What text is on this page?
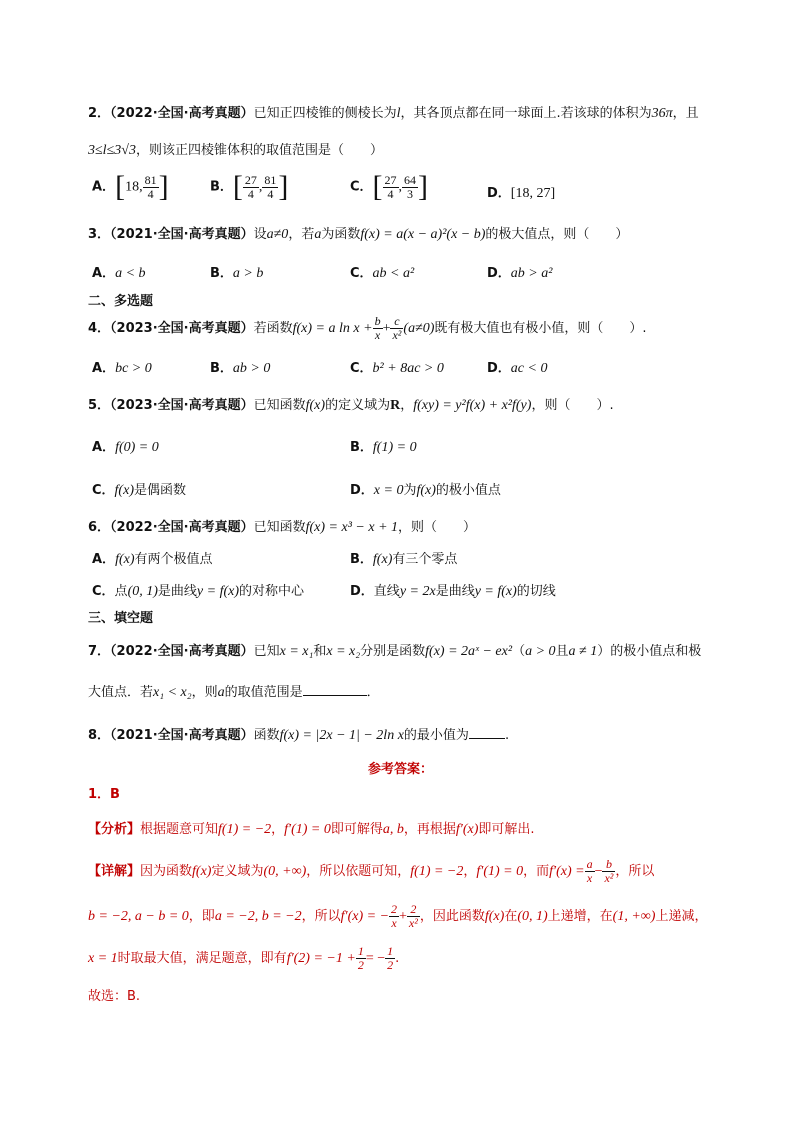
2．（2022·全国·高考真题）已知正四棱锥的侧棱长为l，其各顶点都在同一球面上.若该球的体积为36π，且
3≤l≤3√3，则该正四棱锥体积的取值范围是（　　）
A．[18, $\frac{81}{4}$ ]	B．[ $\frac{27}{4}$ , $\frac{81}{4}$ ]	C．[ $\frac{27}{4}$ , $\frac{64}{3}$ ]	D．[18, 27]
3．（2021·全国·高考真题）设a≠0，若a为函数f(x) = a(x − a)²(x − b)的极大值点，则（　　）
A．a < b	B．a > b	C．ab < a²	D．ab > a²
二、多选题
4．（2023·全国·高考真题）若函数f(x) = a $\ln x + \frac{b}{x} + \frac{c}{\text{x²}} (a\ne 0)$既有极大值也有极小值，则（　　）.
A．bc > 0	B．ab > 0	C．b² + 8ac > 0	D．ac < 0
5．（2023·全国·高考真题）已知函数f(x)的定义域为R，f(xy) = y²f(x) + x²f(y)，则（　　）.
A．f(0) = 0	B．f(1) = 0
C．f(x)是偶函数	D．x = 0为f(x)的极小值点
6．（2022·全国·高考真题）已知函数f(x) = x³ − x + 1，则（　　）
A．f(x)有两个极值点	B．f(x)有三个零点
C．点(0, 1)是曲线y = f(x)的对称中心	D．直线y = 2x是曲线y = f(x)的切线
三、填空题
7．（2022·全国·高考真题）已知x = x₁和x = x₂分别是函数f(x) = 2aˣ − ex²（a > 0且a ≠ 1）的极小值点和极
大值点．若x₁ < x₂，则a的取值范围是	．
8．（2021·全国·高考真题）函数f(x) = |2x − 1| − 2ln x的最小值为	.
参考答案：
1．B
【分析】根据题意可知f(1) = −2，f′(1) = 0即可解得a, b，再根据f′(x)即可解出.
【详解】因为函数f(x)定义域为(0, +∞)，所以依题可知，f(1) = −2，f′(1) = 0，而$f'(x) = \frac{a}{x} - \frac{b}{\text{x²}}$ ，所以
b = −2, a − b = 0，即a = −2, b = −2，所以f′(x) = − $\frac{2}{x} + \frac{2}{\text{x²}}$ ，因此函数f(x)在(0, 1)上递增，在(1, +∞)上递减，
x = 1时取最大值，满足题意，即有$f'(2) = -1 + \frac{1}{2}$ = − $\frac{1}{2}$ .
故选：B.
